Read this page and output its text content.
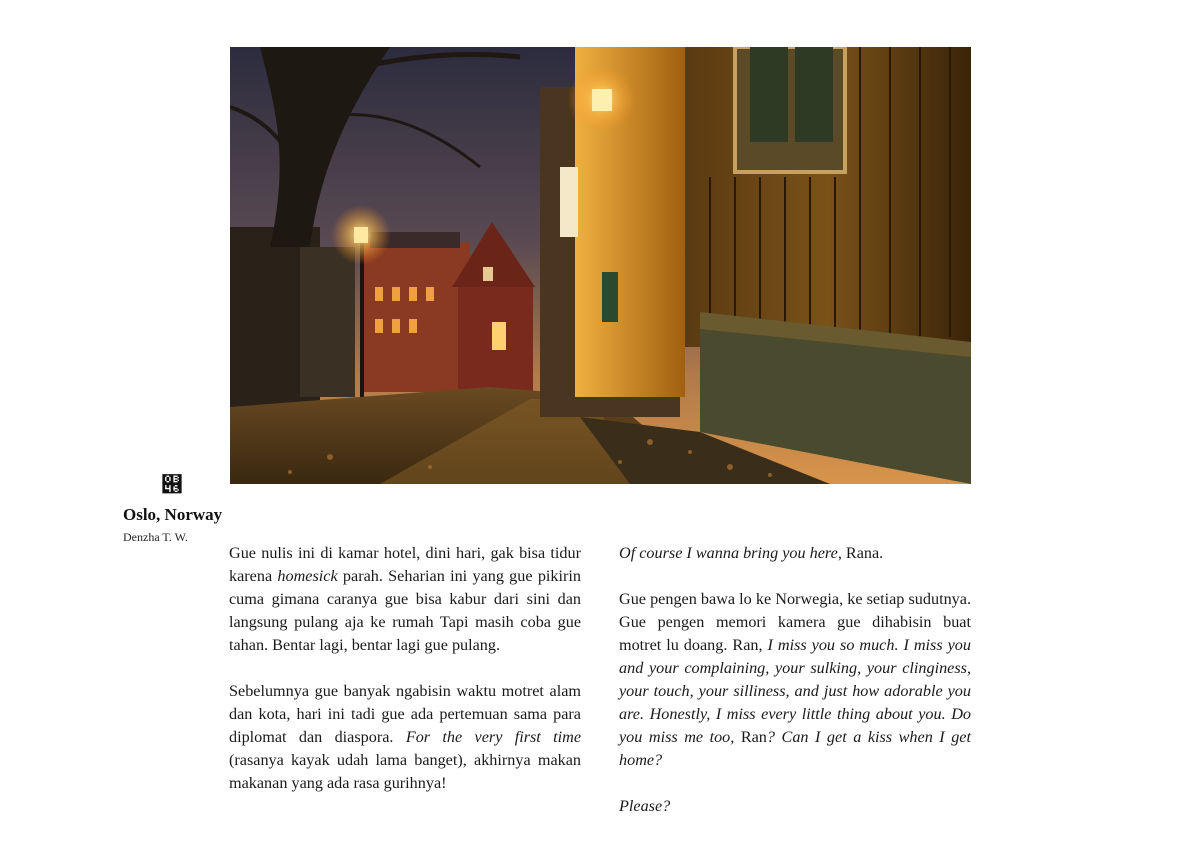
୆
Oslo, Norway
Denzha T. W.

Gue nulis ini di kamar hotel, dini hari, gak bisa tidur karena homesick parah. Seharian ini yang gue pikirin cuma gimana caranya gue bisa kabur dari sini dan langsung pulang aja ke rumah Tapi masih coba gue tahan. Bentar lagi, bentar lagi gue pulang.

Sebelumnya gue banyak ngabisin waktu motret alam dan kota, hari ini tadi gue ada pertemuan sama para diplomat dan diaspora. For the very first time (rasanya kayak udah lama banget), akhirnya makan makanan yang ada rasa gurihnya!

Of course I wanna bring you here, Rana.

Gue pengen bawa lo ke Norwegia, ke setiap sudutnya. Gue pengen memori kamera gue dihabisin buat motret lu doang. Ran, I miss you so much. I miss you and your complaining, your sulking, your clinginess, your touch, your silliness, and just how adorable you are. Honestly, I miss every little thing about you. Do you miss me too, Ran? Can I get a kiss when I get home?

Please?
